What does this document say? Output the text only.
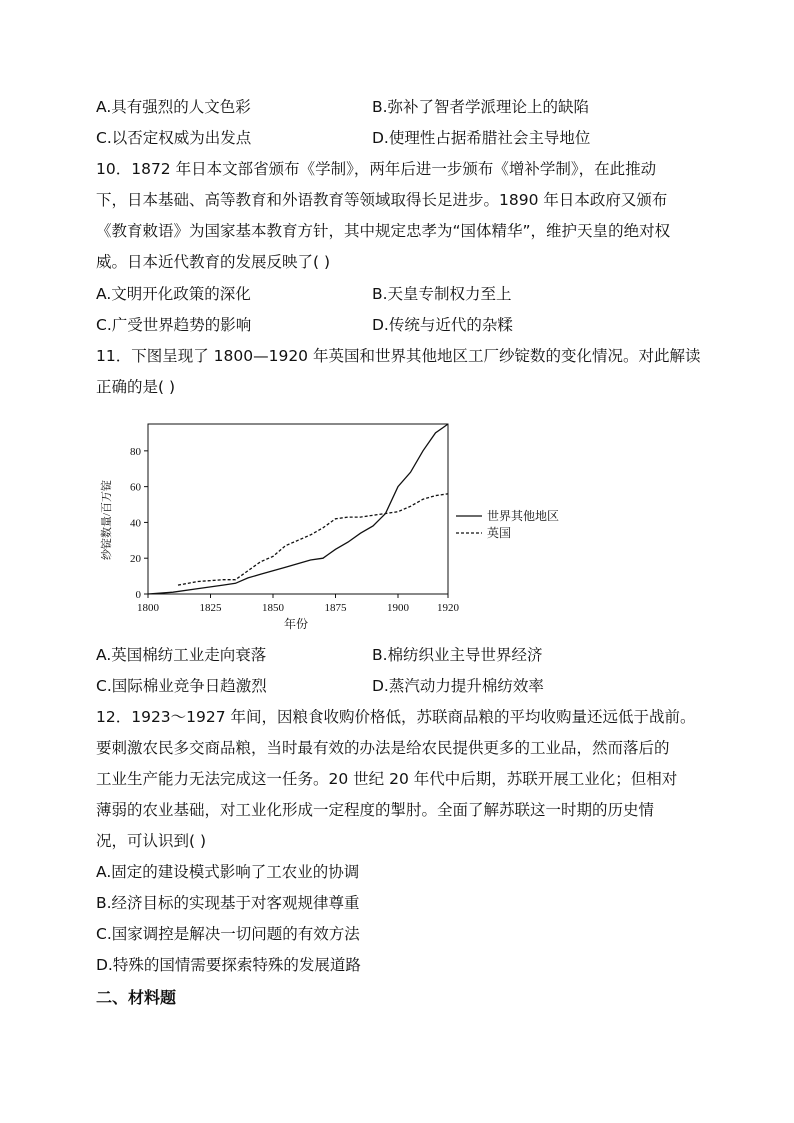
A.具有强烈的人文色彩	B.弥补了智者学派理论上的缺陷
C.以否定权威为出发点	D.使理性占据希腊社会主导地位
10．1872 年日本文部省颁布《学制》，两年后进一步颁布《增补学制》，在此推动
下，日本基础、高等教育和外语教育等领域取得长足进步。1890 年日本政府又颁布
《教育敕语》为国家基本教育方针，其中规定忠孝为“国体精华”，维护天皇的绝对权
威。日本近代教育的发展反映了( )
A.文明开化政策的深化	B.天皇专制权力至上
C.广受世界趋势的影响	D.传统与近代的杂糅
11．下图呈现了 1800—1920 年英国和世界其他地区工厂纱锭数的变化情况。对此解读
正确的是( )
1800	1825	1850	1875	1900	1920
0
20
40
60
80
世界其他地区
英国
纱锭数量/百万锭
年份
A.英国棉纺工业走向衰落	B.棉纺织业主导世界经济
C.国际棉业竞争日趋激烈	D.蒸汽动力提升棉纺效率
12．1923～1927 年间，因粮食收购价格低，苏联商品粮的平均收购量还远低于战前。
要刺激农民多交商品粮，当时最有效的办法是给农民提供更多的工业品，然而落后的
工业生产能力无法完成这一任务。20 世纪 20 年代中后期，苏联开展工业化；但相对
薄弱的农业基础，对工业化形成一定程度的掣肘。全面了解苏联这一时期的历史情
况，可认识到( )
A.固定的建设模式影响了工农业的协调
B.经济目标的实现基于对客观规律尊重
C.国家调控是解决一切问题的有效方法
D.特殊的国情需要探索特殊的发展道路
二、材料题
